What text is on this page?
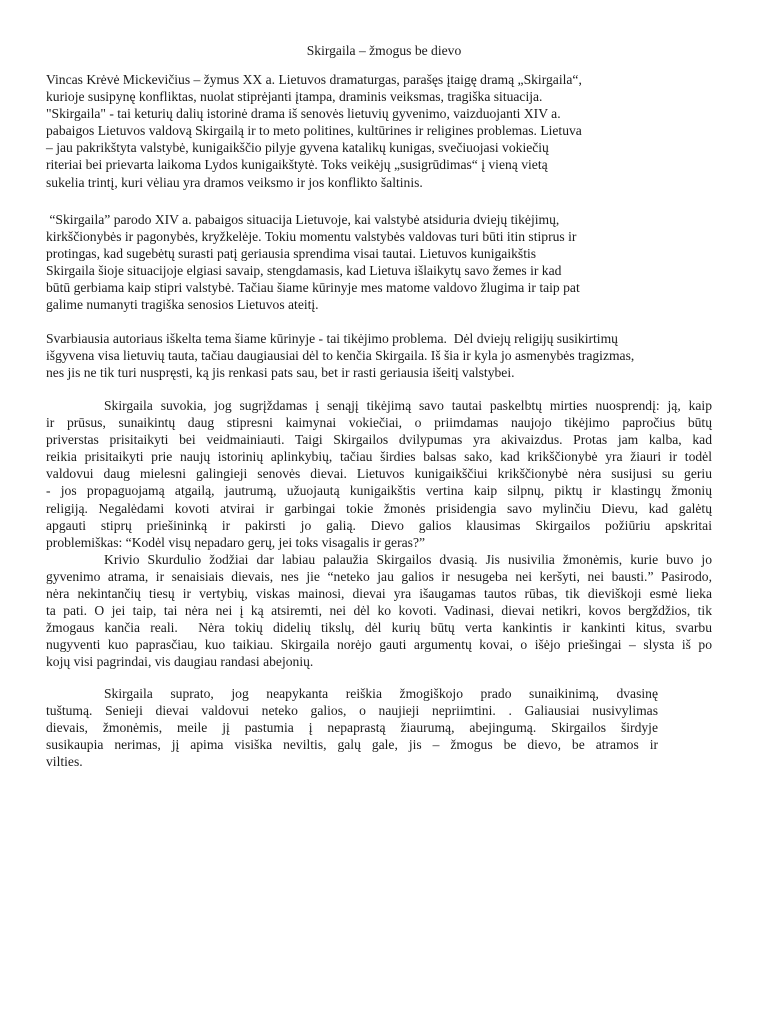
Skirgaila – žmogus be dievo
Vincas Krėvė Mickevičius – žymus XX a. Lietuvos dramaturgas, parašęs įtaigę dramą „Skirgaila“,
kurioje susipynę konfliktas, nuolat stiprėjanti įtampa, draminis veiksmas, tragiška situacija.
"Skirgaila" - tai keturių dalių istorinė drama iš senovės lietuvių gyvenimo, vaizduojanti XIV a.
pabaigos Lietuvos valdovą Skirgailą ir to meto politines, kultūrines ir religines problemas. Lietuva
– jau pakrikštyta valstybė, kunigaikščio pilyje gyvena katalikų kunigas, svečiuojasi vokiečių
riteriai bei prievarta laikoma Lydos kunigaikštytė. Toks veikėjų „susigrūdimas“ į vieną vietą
sukelia trintį, kuri vėliau yra dramos veiksmo ir jos konflikto šaltinis.
“Skirgaila” parodo XIV a. pabaigos situacija Lietuvoje, kai valstybė atsiduria dviejų tikėjimų,
kirkščionybės ir pagonybės, kryžkelėje. Tokiu momentu valstybės valdovas turi būti itin stiprus ir
protingas, kad sugebėtų surasti patį geriausia sprendima visai tautai. Lietuvos kunigaikštis
Skirgaila šioje situacijoje elgiasi savaip, stengdamasis, kad Lietuva išlaikytų savo žemes ir kad
būtū gerbiama kaip stipri valstybė. Tačiau šiame kūrinyje mes matome valdovo žlugima ir taip pat
galime numanyti tragiška senosios Lietuvos ateitį.
Svarbiausia autoriaus iškelta tema šiame kūrinyje - tai tikėjimo problema.  Dėl dviejų religijų susikirtimų
išgyvena visa lietuvių tauta, tačiau daugiausiai dėl to kenčia Skirgaila. Iš šia ir kyla jo asmenybės tragizmas,
nes jis ne tik turi nuspręsti, ką jis renkasi pats sau, bet ir rasti geriausia išeitį valstybei.
Skirgaila suvokia, jog sugrįždamas į senąjį tikėjimą savo tautai paskelbtų mirties nuosprendį: ją, kaip
ir prūsus, sunaikintų daug stipresni kaimynai vokiečiai, o priimdamas naujojo tikėjimo papročius būtų
priverstas prisitaikyti bei veidmainiauti. Taigi Skirgailos dvilypumas yra akivaizdus. Protas jam kalba, kad
reikia prisitaikyti prie naujų istorinių aplinkybių, tačiau širdies balsas sako, kad krikščionybė yra žiauri ir todėl
valdovui daug mielesni galingieji senovės dievai. Lietuvos kunigaikščiui krikščionybė nėra susijusi su geriu
- jos propaguojamą atgailą, jautrumą, užuojautą kunigaikštis vertina kaip silpnų, piktų ir klastingų žmonių
religiją. Negalėdami kovoti atvirai ir garbingai tokie žmonės prisidengia savo mylinčiu Dievu, kad galėtų
apgauti stiprų priešininką ir pakirsti jo galią. Dievo galios klausimas Skirgailos požiūriu apskritai
problemiškas: “Kodėl visų nepadaro gerų, jei toks visagalis ir geras?”
Krivio Skurdulio žodžiai dar labiau palaužia Skirgailos dvasią. Jis nusivilia žmonėmis, kurie buvo jo
gyvenimo atrama, ir senaisiais dievais, nes jie “neteko jau galios ir nesugeba nei keršyti, nei bausti.” Pasirodo,
nėra nekintančių tiesų ir vertybių, viskas mainosi, dievai yra išaugamas tautos rūbas, tik dieviškoji esmė lieka
ta pati. O jei taip, tai nėra nei į ką atsiremti, nei dėl ko kovoti. Vadinasi, dievai netikri, kovos bergždžios, tik
žmogaus kančia reali.  Nėra tokių didelių tikslų, dėl kurių būtų verta kankintis ir kankinti kitus, svarbu
nugyventi kuo paprasčiau, kuo taikiau. Skirgaila norėjo gauti argumentų kovai, o išėjo priešingai – slysta iš po
kojų visi pagrindai, vis daugiau randasi abejonių.
Skirgaila suprato, jog neapykanta reiškia žmogiškojo prado sunaikinimą, dvasinę
tuštumą. Senieji dievai valdovui neteko galios, o naujieji nepriimtini. . Galiausiai nusivylimas
dievais, žmonėmis, meile jį pastumia į nepaprastą žiaurumą, abejingumą. Skirgailos širdyje
susikaupia nerimas, jį apima visiška neviltis, galų gale, jis – žmogus be dievo, be atramos ir
vilties.
